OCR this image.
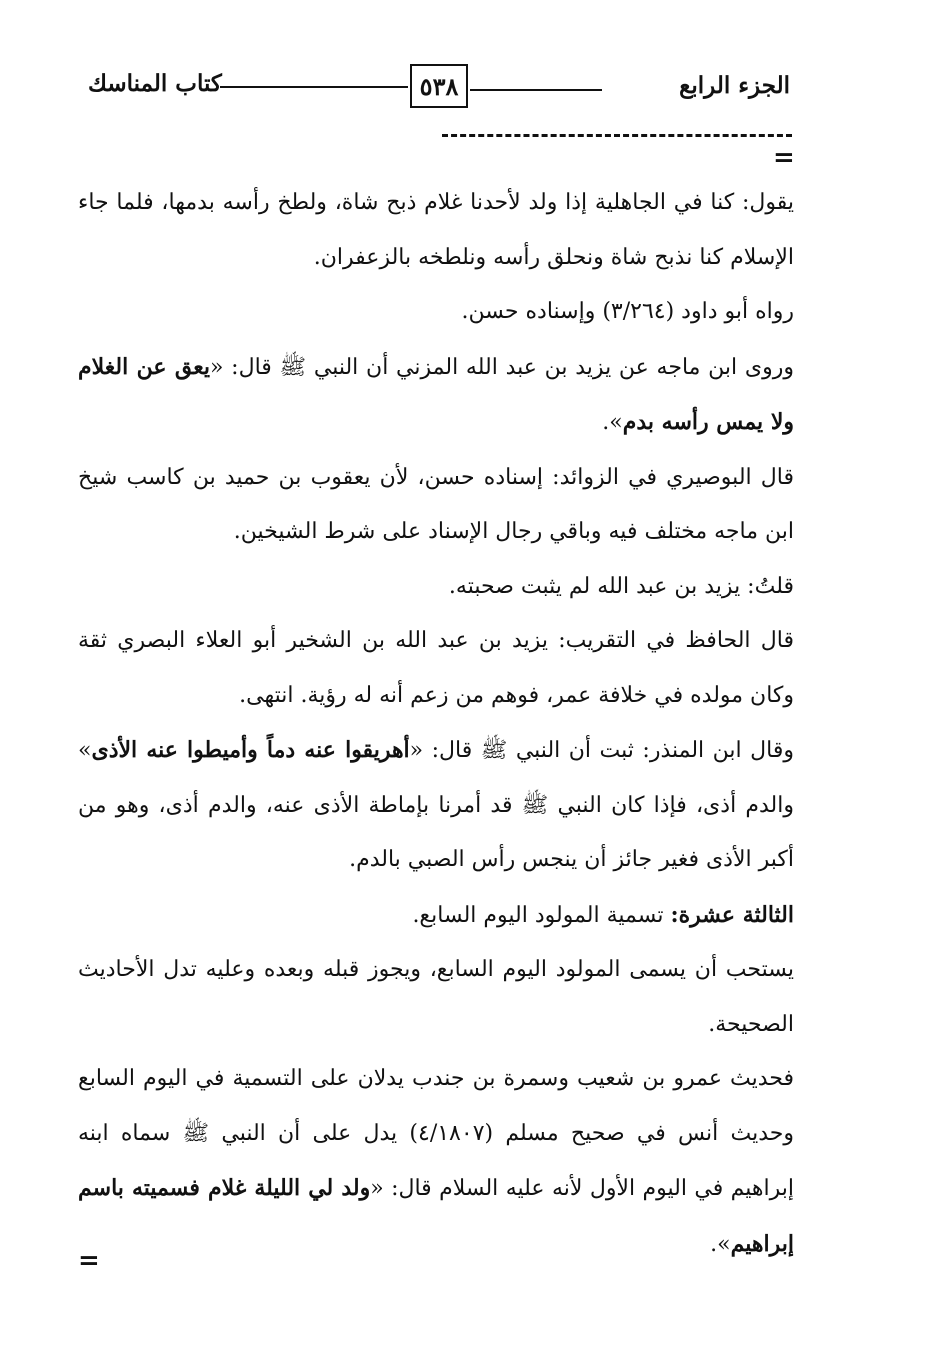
الجزء الرابع
٥٣٨
كتاب المناسك
=

يقول: كنا في الجاهلية إذا ولد لأحدنا غلام ذبح شاة، ولطخ رأسه بدمها، فلما جاء الإسلام كنا نذبح شاة ونحلق رأسه ونلطخه بالزعفران.

رواه أبو داود (٣/٢٦٤) وإسناده حسن.

وروى ابن ماجه عن يزيد بن عبد الله المزني أن النبي ﷺ قال: «يعق عن الغلام ولا يمس رأسه بدم».

قال البوصيري في الزوائد: إسناده حسن، لأن يعقوب بن حميد بن كاسب شيخ ابن ماجه مختلف فيه وباقي رجال الإسناد على شرط الشيخين.

قلتُ: يزيد بن عبد الله لم يثبت صحبته.

قال الحافظ في التقريب: يزيد بن عبد الله بن الشخير أبو العلاء البصري ثقة وكان مولده في خلافة عمر، فوهم من زعم أنه له رؤية. انتهى.

وقال ابن المنذر: ثبت أن النبي ﷺ قال: «أهريقوا عنه دماً وأميطوا عنه الأذى» والدم أذى، فإذا كان النبي ﷺ قد أمرنا بإماطة الأذى عنه، والدم أذى، وهو من أكبر الأذى فغير جائز أن ينجس رأس الصبي بالدم.

الثالثة عشرة: تسمية المولود اليوم السابع.

يستحب أن يسمى المولود اليوم السابع، ويجوز قبله وبعده وعليه تدل الأحاديث الصحيحة.

فحديث عمرو بن شعيب وسمرة بن جندب يدلان على التسمية في اليوم السابع وحديث أنس في صحيح مسلم (٤/١٨٠٧) يدل على أن النبي ﷺ سماه ابنه إبراهيم في اليوم الأول لأنه عليه السلام قال: «ولد لي الليلة غلام فسميته باسم إبراهيم».

=
